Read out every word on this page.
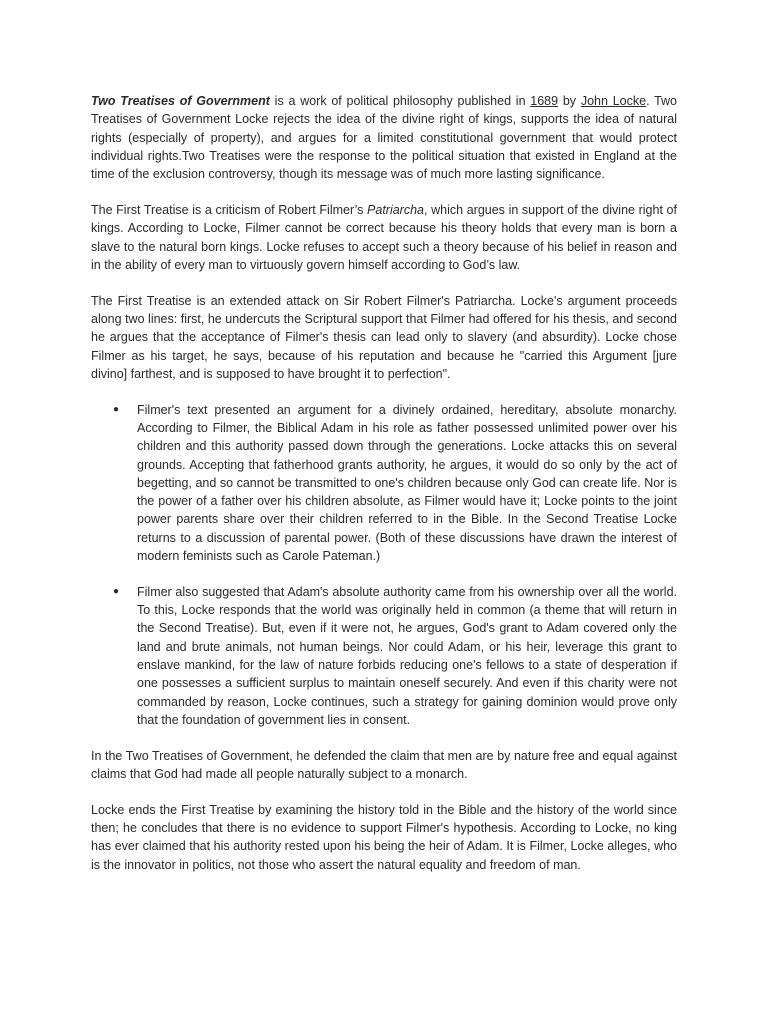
Two Treatises of Government is a work of political philosophy published in 1689 by John Locke. Two Treatises of Government Locke rejects the idea of the divine right of kings, supports the idea of natural rights (especially of property), and argues for a limited constitutional government that would protect individual rights.Two Treatises were the response to the political situation that existed in England at the time of the exclusion controversy, though its message was of much more lasting significance.

The First Treatise is a criticism of Robert Filmer’s Patriarcha, which argues in support of the divine right of kings. According to Locke, Filmer cannot be correct because his theory holds that every man is born a slave to the natural born kings. Locke refuses to accept such a theory because of his belief in reason and in the ability of every man to virtuously govern himself according to God’s law.

The First Treatise is an extended attack on Sir Robert Filmer's Patriarcha. Locke's argument proceeds along two lines: first, he undercuts the Scriptural support that Filmer had offered for his thesis, and second he argues that the acceptance of Filmer's thesis can lead only to slavery (and absurdity). Locke chose Filmer as his target, he says, because of his reputation and because he "carried this Argument [jure divino] farthest, and is supposed to have brought it to perfection".

● Filmer's text presented an argument for a divinely ordained, hereditary, absolute monarchy. According to Filmer, the Biblical Adam in his role as father possessed unlimited power over his children and this authority passed down through the generations. Locke attacks this on several grounds. Accepting that fatherhood grants authority, he argues, it would do so only by the act of begetting, and so cannot be transmitted to one's children because only God can create life. Nor is the power of a father over his children absolute, as Filmer would have it; Locke points to the joint power parents share over their children referred to in the Bible. In the Second Treatise Locke returns to a discussion of parental power. (Both of these discussions have drawn the interest of modern feminists such as Carole Pateman.)
● Filmer also suggested that Adam's absolute authority came from his ownership over all the world. To this, Locke responds that the world was originally held in common (a theme that will return in the Second Treatise). But, even if it were not, he argues, God's grant to Adam covered only the land and brute animals, not human beings. Nor could Adam, or his heir, leverage this grant to enslave mankind, for the law of nature forbids reducing one's fellows to a state of desperation if one possesses a sufficient surplus to maintain oneself securely. And even if this charity were not commanded by reason, Locke continues, such a strategy for gaining dominion would prove only that the foundation of government lies in consent.

In the Two Treatises of Government, he defended the claim that men are by nature free and equal against claims that God had made all people naturally subject to a monarch.

Locke ends the First Treatise by examining the history told in the Bible and the history of the world since then; he concludes that there is no evidence to support Filmer's hypothesis. According to Locke, no king has ever claimed that his authority rested upon his being the heir of Adam. It is Filmer, Locke alleges, who is the innovator in politics, not those who assert the natural equality and freedom of man.
